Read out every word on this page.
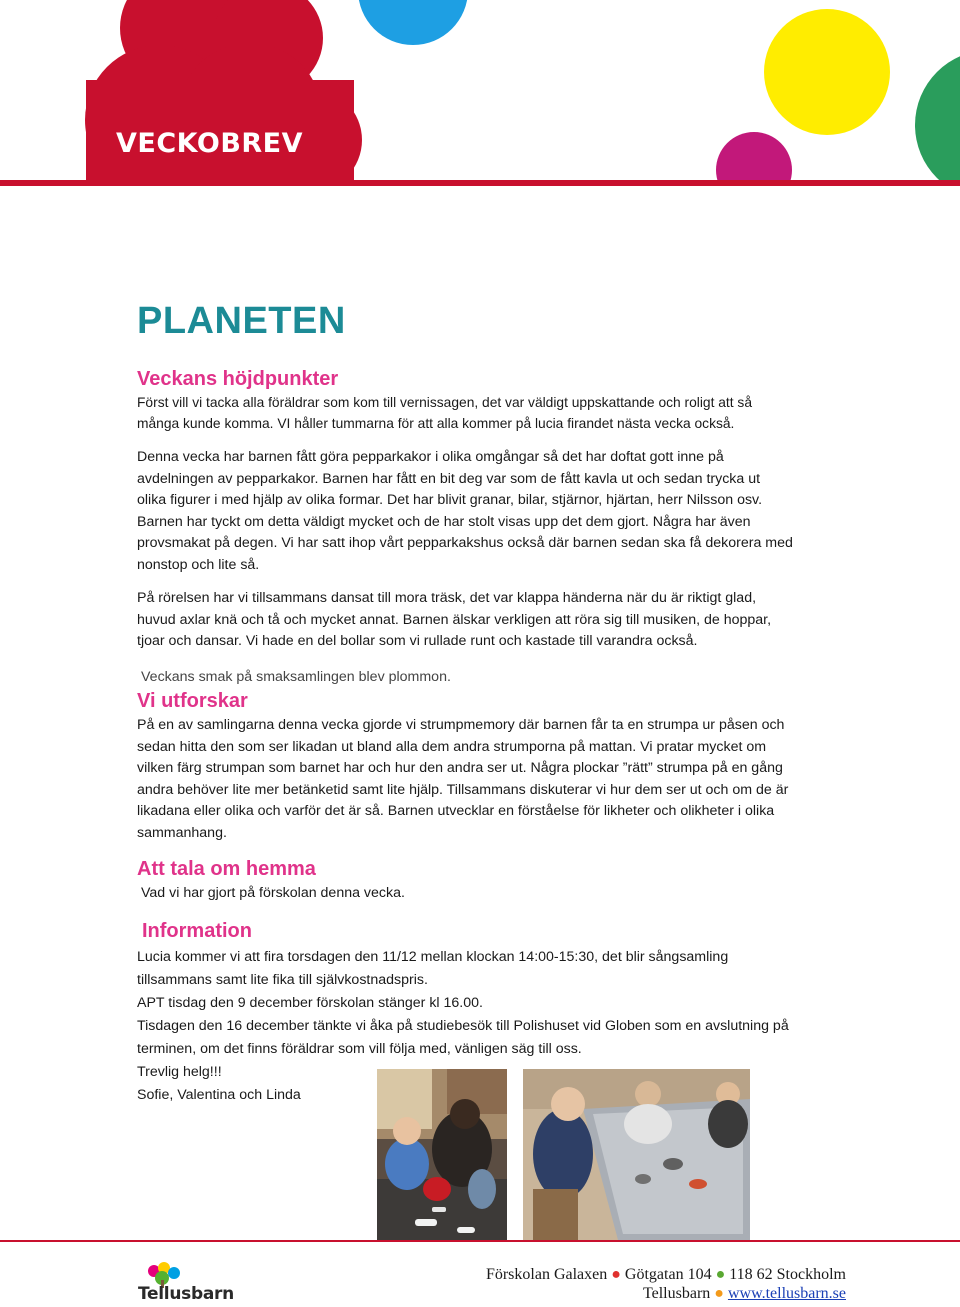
VECKOBREV
PLANETEN
Veckans höjdpunkter
Först vill vi tacka alla föräldrar som kom till vernissagen, det var väldigt uppskattande och roligt att så
många kunde komma. VI håller tummarna för att alla kommer på lucia firandet nästa vecka också.
Denna vecka har barnen fått göra pepparkakor i olika omgångar så det har doftat gott inne på
avdelningen av pepparkakor. Barnen har fått en bit deg var som de fått kavla ut och sedan trycka ut
olika figurer i med hjälp av olika formar. Det har blivit granar, bilar, stjärnor, hjärtan, herr Nilsson osv.
Barnen har tyckt om detta väldigt mycket och de har stolt visas upp det dem gjort. Några har även
provsmakat på degen. Vi har satt ihop vårt pepparkakshus också där barnen sedan ska få dekorera med
nonstop och lite så.
På rörelsen har vi tillsammans dansat till mora träsk, det var klappa händerna när du är riktigt glad,
huvud axlar knä och tå och mycket annat. Barnen älskar verkligen att röra sig till musiken, de hoppar,
tjoar och dansar. Vi hade en del bollar som vi rullade runt och kastade till varandra också.
Veckans smak på smaksamlingen blev plommon.
Vi utforskar
På en av samlingarna denna vecka gjorde vi strumpmemory där barnen får ta en strumpa ur påsen och
sedan hitta den som ser likadan ut bland alla dem andra strumporna på mattan. Vi pratar mycket om
vilken färg strumpan som barnet har och hur den andra ser ut. Några plockar ”rätt” strumpa på en gång
andra behöver lite mer betänketid samt lite hjälp. Tillsammans diskuterar vi hur dem ser ut och om de är
likadana eller olika och varför det är så. Barnen utvecklar en förståelse för likheter och olikheter i olika
sammanhang.
Att tala om hemma
Vad vi har gjort på förskolan denna vecka.
Information
Lucia kommer vi att fira torsdagen den 11/12 mellan klockan 14:00-15:30, det blir sångsamling
tillsammans samt lite fika till självkostnadspris.
APT tisdag den 9 december förskolan stänger kl 16.00.
Tisdagen den 16 december tänkte vi åka på studiebesök till Polishuset vid Globen som en avslutning på
terminen, om det finns föräldrar som vill följa med, vänligen säg till oss.
Trevlig helg!!!
Sofie, Valentina och Linda
Tellusbarn
Förskolan Galaxen ● Götgatan 104 ● 118 62 Stockholm
Tellusbarn ● www.tellusbarn.se
